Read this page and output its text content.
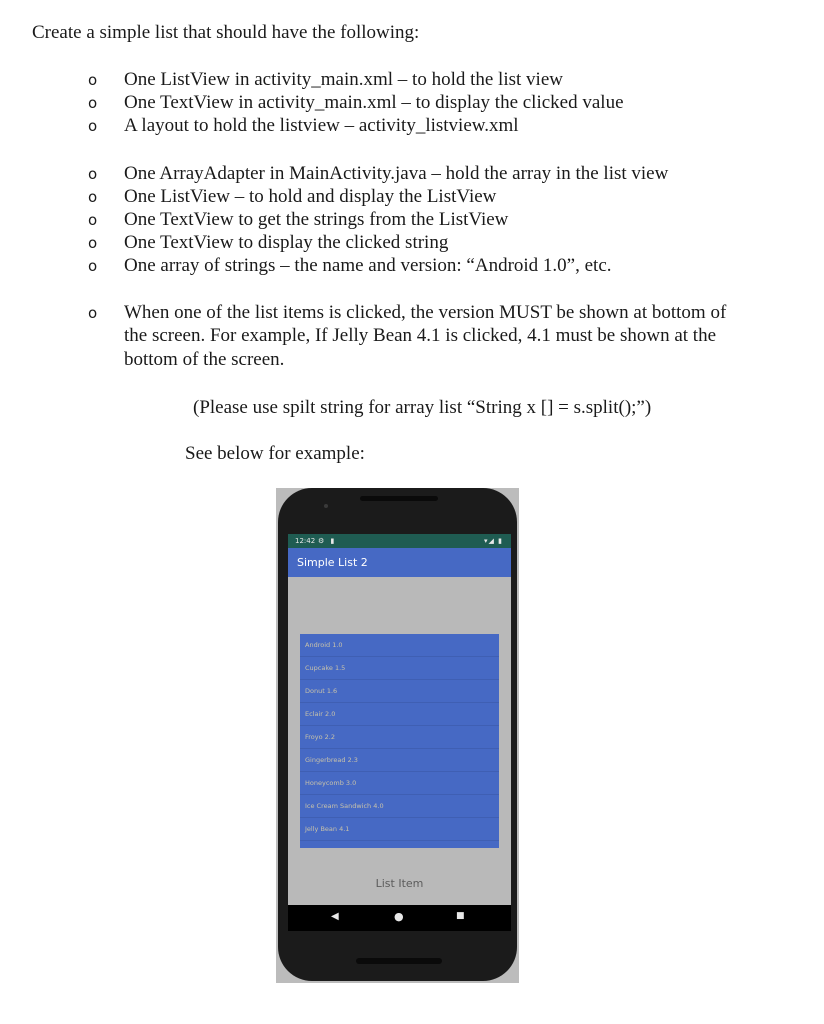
Create a simple list that should have the following:
o One ListView in activity_main.xml – to hold the list view
o One TextView in activity_main.xml – to display the clicked value
o A layout to hold the listview – activity_listview.xml
o One ArrayAdapter in MainActivity.java – hold the array in the list view
o One ListView – to hold and display the ListView
o One TextView to get the strings from the ListView
o One TextView to display the clicked string
o One array of strings – the name and version: “Android 1.0”, etc.
o When one of the list items is clicked, the version MUST be shown at bottom of
the screen. For example, If Jelly Bean 4.1 is clicked, 4.1 must be shown at the
bottom of the screen.
(Please use spilt string for array list “String x [] = s.split();”)
See below for example:
12:42 ⚙ ▮	▾◢ ▮
Simple List 2
Android 1.0
Cupcake 1.5
Donut 1.6
Eclair 2.0
Froyo 2.2
Gingerbread 2.3
Honeycomb 3.0
Ice Cream Sandwich 4.0
Jelly Bean 4.1
List Item
◀	●	■
